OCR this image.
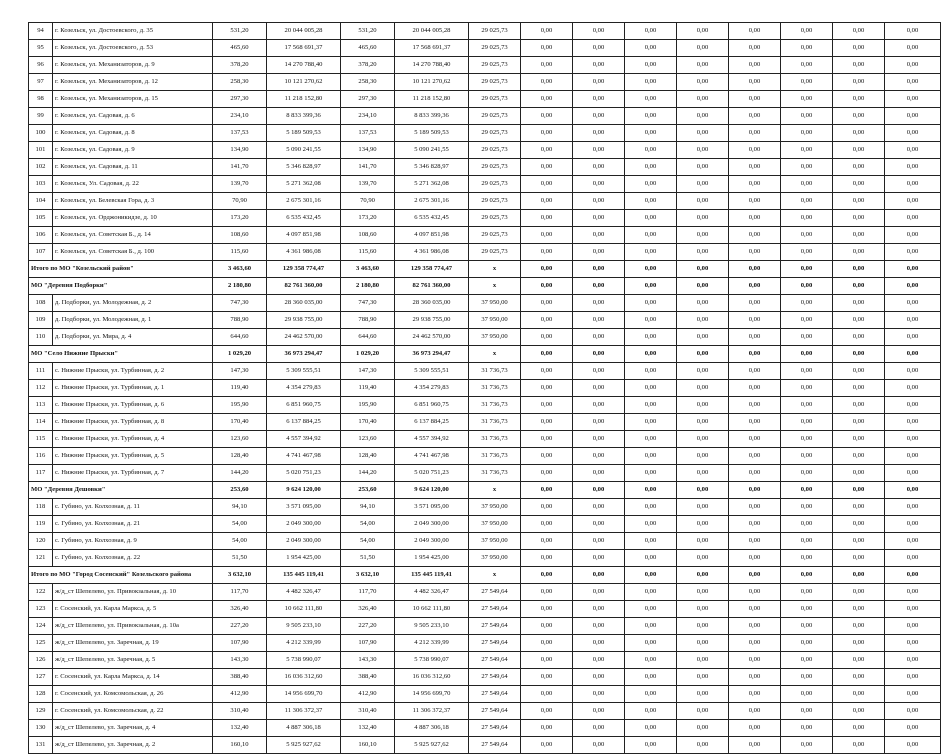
94	г. Козельск, ул. Достоевского, д. 35	531,20	20 044 005,28	531,20	20 044 005,28	29 025,73	0,00	0,00	0,00	0,00	0,00	0,00	0,00	0,00
95	г. Козельск, ул. Достоевского, д. 53	465,60	17 568 691,37	465,60	17 568 691,37	29 025,73	0,00	0,00	0,00	0,00	0,00	0,00	0,00	0,00
96	г. Козельск, ул. Механизаторов, д. 9	378,20	14 270 788,40	378,20	14 270 788,40	29 025,73	0,00	0,00	0,00	0,00	0,00	0,00	0,00	0,00
97	г. Козельск, ул. Механизаторов, д. 12	258,30	10 121 270,62	258,30	10 121 270,62	29 025,73	0,00	0,00	0,00	0,00	0,00	0,00	0,00	0,00
98	г. Козельск, ул. Механизаторов, д. 15	297,30	11 218 152,80	297,30	11 218 152,80	29 025,73	0,00	0,00	0,00	0,00	0,00	0,00	0,00	0,00
99	г. Козельск, ул. Садовая, д. 6	234,10	8 833 399,36	234,10	8 833 399,36	29 025,73	0,00	0,00	0,00	0,00	0,00	0,00	0,00	0,00
100	г. Козельск, ул. Садовая, д. 8	137,53	5 189 509,53	137,53	5 189 509,53	29 025,73	0,00	0,00	0,00	0,00	0,00	0,00	0,00	0,00
101	г. Козельск, ул. Садовая, д. 9	134,90	5 090 241,55	134,90	5 090 241,55	29 025,73	0,00	0,00	0,00	0,00	0,00	0,00	0,00	0,00
102	г. Козельск, ул. Садовая, д. 11	141,70	5 346 828,97	141,70	5 346 828,97	29 025,73	0,00	0,00	0,00	0,00	0,00	0,00	0,00	0,00
103	г. Козельск, Ул. Садовая, д. 22	139,70	5 271 362,08	139,70	5 271 362,08	29 025,73	0,00	0,00	0,00	0,00	0,00	0,00	0,00	0,00
104	г. Козельск, ул. Белевская Гора, д. 3	70,90	2 675 301,16	70,90	2 675 301,16	29 025,73	0,00	0,00	0,00	0,00	0,00	0,00	0,00	0,00
105	г. Козельск, ул. Орджоникидзе, д. 10	173,20	6 535 432,45	173,20	6 535 432,45	29 025,73	0,00	0,00	0,00	0,00	0,00	0,00	0,00	0,00
106	г. Козельск, ул. Советская Б., д. 14	108,60	4 097 851,98	108,60	4 097 851,98	29 025,73	0,00	0,00	0,00	0,00	0,00	0,00	0,00	0,00
107	г. Козельск, ул. Советская Б., д. 100	115,60	4 361 986,08	115,60	4 361 986,08	29 025,73	0,00	0,00	0,00	0,00	0,00	0,00	0,00	0,00
Итого по МО "Козельский район"		3 463,60	129 358 774,47	3 463,60	129 358 774,47	x	0,00	0,00	0,00	0,00	0,00	0,00	0,00	0,00
МО "Деревня Подборки"		2 180,80	82 761 360,00	2 180,80	82 761 360,00	x	0,00	0,00	0,00	0,00	0,00	0,00	0,00	0,00
108	д. Подборки, ул. Молодежная, д. 2	747,30	28 360 035,00	747,30	28 360 035,00	37 950,00	0,00	0,00	0,00	0,00	0,00	0,00	0,00	0,00
109	д. Подборки, ул. Молодежная, д. 1	788,90	29 938 755,00	788,90	29 938 755,00	37 950,00	0,00	0,00	0,00	0,00	0,00	0,00	0,00	0,00
110	д. Подборки, ул. Мира, д. 4	644,60	24 462 570,00	644,60	24 462 570,00	37 950,00	0,00	0,00	0,00	0,00	0,00	0,00	0,00	0,00
МО "Село Нижние Прыски"		1 029,20	36 973 294,47	1 029,20	36 973 294,47	x	0,00	0,00	0,00	0,00	0,00	0,00	0,00	0,00
111	с. Нижние Прыски, ул. Турбинная, д. 2	147,30	5 309 555,51	147,30	5 309 555,51	31 736,73	0,00	0,00	0,00	0,00	0,00	0,00	0,00	0,00
112	с. Нижние Прыски, ул. Турбинная, д. 1	119,40	4 354 279,83	119,40	4 354 279,83	31 736,73	0,00	0,00	0,00	0,00	0,00	0,00	0,00	0,00
113	с. Нижние Прыски, ул. Турбинная, д. 6	195,90	6 851 960,75	195,90	6 851 960,75	31 736,73	0,00	0,00	0,00	0,00	0,00	0,00	0,00	0,00
114	с. Нижние Прыски, ул. Турбинная, д. 8	170,40	6 137 884,25	170,40	6 137 884,25	31 736,73	0,00	0,00	0,00	0,00	0,00	0,00	0,00	0,00
115	с. Нижние Прыски, ул. Турбинная, д. 4	123,60	4 557 394,92	123,60	4 557 394,92	31 736,73	0,00	0,00	0,00	0,00	0,00	0,00	0,00	0,00
116	с. Нижние Прыски, ул. Турбинная, д. 5	128,40	4 741 467,98	128,40	4 741 467,98	31 736,73	0,00	0,00	0,00	0,00	0,00	0,00	0,00	0,00
117	с. Нижние Прыски, ул. Турбинная, д. 7	144,20	5 020 751,23	144,20	5 020 751,23	31 736,73	0,00	0,00	0,00	0,00	0,00	0,00	0,00	0,00
МО "Деревня Дешовки"		253,60	9 624 120,00	253,60	9 624 120,00	x	0,00	0,00	0,00	0,00	0,00	0,00	0,00	0,00
118	с. Губино, ул. Колхозная, д. 11	94,10	3 571 095,00	94,10	3 571 095,00	37 950,00	0,00	0,00	0,00	0,00	0,00	0,00	0,00	0,00
119	с. Губино, ул. Колхозная, д. 21	54,00	2 049 300,00	54,00	2 049 300,00	37 950,00	0,00	0,00	0,00	0,00	0,00	0,00	0,00	0,00
120	с. Губино, ул. Колхозная, д. 9	54,00	2 049 300,00	54,00	2 049 300,00	37 950,00	0,00	0,00	0,00	0,00	0,00	0,00	0,00	0,00
121	с. Губино, ул. Колхозная, д. 22	51,50	1 954 425,00	51,50	1 954 425,00	37 950,00	0,00	0,00	0,00	0,00	0,00	0,00	0,00	0,00
Итого по МО "Город Сосенский" Козельского района		3 632,10	135 445 119,41	3 632,10	135 445 119,41	x	0,00	0,00	0,00	0,00	0,00	0,00	0,00	0,00
122	ж/д_ст Шепелево, ул. Привокзальная, д. 10	117,70	4 482 326,47	117,70	4 482 326,47	27 549,64	0,00	0,00	0,00	0,00	0,00	0,00	0,00	0,00
123	г. Сосенский, ул. Карла Маркса, д. 5	326,40	10 662 111,80	326,40	10 662 111,80	27 549,64	0,00	0,00	0,00	0,00	0,00	0,00	0,00	0,00
124	ж/д_ст Шепелево, ул. Привокзальная, д. 10а	227,20	9 505 233,10	227,20	9 505 233,10	27 549,64	0,00	0,00	0,00	0,00	0,00	0,00	0,00	0,00
125	ж/д_ст Шепелево, ул. Заречная, д. 19	107,90	4 212 339,99	107,90	4 212 339,99	27 549,64	0,00	0,00	0,00	0,00	0,00	0,00	0,00	0,00
126	ж/д_ст Шепелево, ул. Заречная, д. 5	143,30	5 738 990,07	143,30	5 738 990,07	27 549,64	0,00	0,00	0,00	0,00	0,00	0,00	0,00	0,00
127	г. Сосенский, ул. Карла Маркса, д. 14	388,40	16 036 312,60	388,40	16 036 312,60	27 549,64	0,00	0,00	0,00	0,00	0,00	0,00	0,00	0,00
128	г. Сосенский, ул. Комсомольская, д. 26	412,90	14 956 699,70	412,90	14 956 699,70	27 549,64	0,00	0,00	0,00	0,00	0,00	0,00	0,00	0,00
129	г. Сосенский, ул. Комсомольская, д. 22	310,40	11 306 372,37	310,40	11 306 372,37	27 549,64	0,00	0,00	0,00	0,00	0,00	0,00	0,00	0,00
130	ж/д_ст Шепелево, ул. Заречная, д. 4	132,40	4 887 306,18	132,40	4 887 306,18	27 549,64	0,00	0,00	0,00	0,00	0,00	0,00	0,00	0,00
131	ж/д_ст Шепелево, ул. Заречная, д. 2	160,10	5 925 927,62	160,10	5 925 927,62	27 549,64	0,00	0,00	0,00	0,00	0,00	0,00	0,00	0,00
